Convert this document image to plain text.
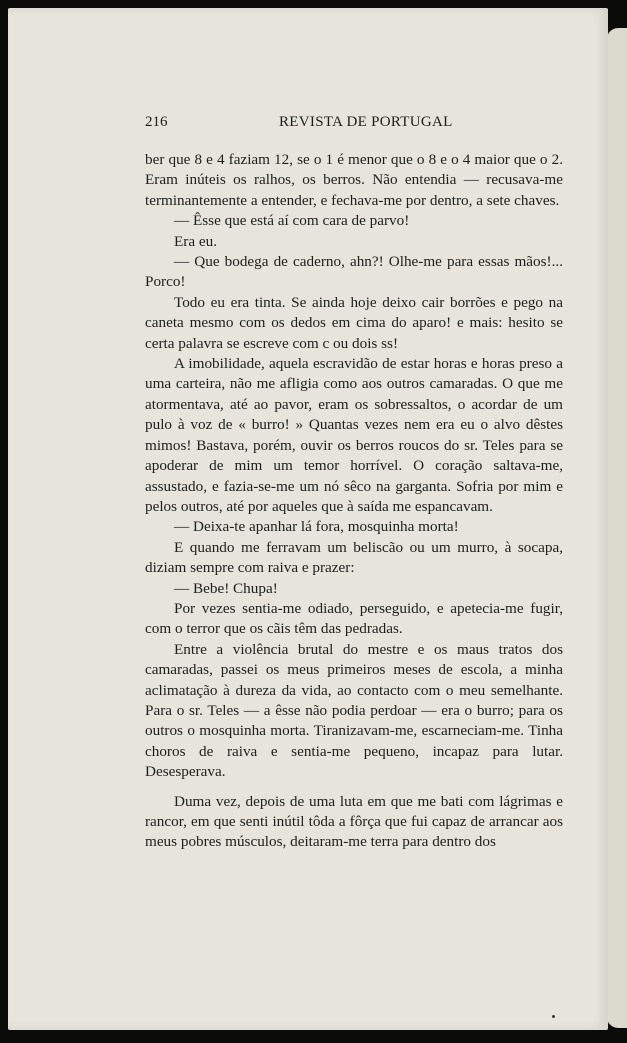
216	REVISTA DE PORTUGAL

ber que 8 e 4 faziam 12, se o 1 é menor que o 8 e o 4 maior que o 2. Eram inúteis os ralhos, os berros. Não entendia — recusava-me terminantemente a entender, e fechava-me por dentro, a sete chaves.

— Êsse que está aí com cara de parvo!

Era eu.

— Que bodega de caderno, ahn?! Olhe-me para essas mãos!... Porco!

Todo eu era tinta. Se ainda hoje deixo cair borrões e pego na caneta mesmo com os dedos em cima do aparo! e mais: hesito se certa palavra se escreve com c ou dois ss!

A imobilidade, aquela escravidão de estar horas e horas preso a uma carteira, não me afligia como aos outros camaradas. O que me atormentava, até ao pavor, eram os sobressaltos, o acordar de um pulo à voz de « burro! » Quantas vezes nem era eu o alvo dêstes mimos! Bastava, porém, ouvir os berros roucos do sr. Teles para se apoderar de mim um temor horrível. O coração saltava-me, assustado, e fazia-se-me um nó sêco na garganta. Sofria por mim e pelos outros, até por aqueles que à saída me espancavam.

— Deixa-te apanhar lá fora, mosquinha morta!

E quando me ferravam um beliscão ou um murro, à socapa, diziam sempre com raiva e prazer:

— Bebe! Chupa!

Por vezes sentia-me odiado, perseguido, e apetecia-me fugir, com o terror que os cãis têm das pedradas.

Entre a violência brutal do mestre e os maus tratos dos camaradas, passei os meus primeiros meses de escola, a minha aclimatação à dureza da vida, ao contacto com o meu semelhante. Para o sr. Teles — a êsse não podia perdoar — era o burro; para os outros o mosquinha morta. Tiranizavam-me, escarneciam-me. Tinha choros de raiva e sentia-me pequeno, incapaz para lutar. Desesperava.

Duma vez, depois de uma luta em que me bati com lágrimas e rancor, em que senti inútil tôda a fôrça que fui capaz de arrancar aos meus pobres músculos, deitaram-me terra para dentro dos
